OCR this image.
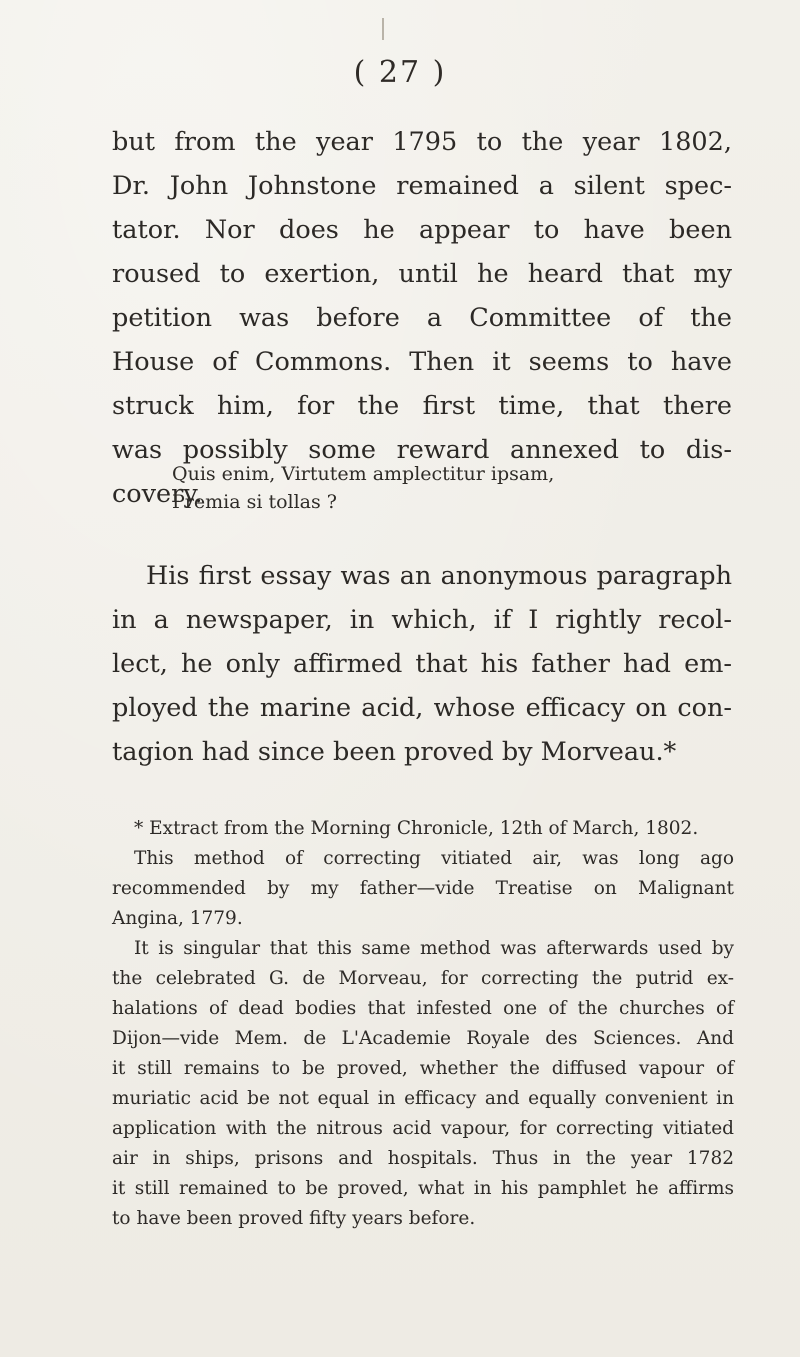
( 27 )
but from the year 1795 to the year 1802,
Dr. John Johnstone remained a silent spec-
tator. Nor does he appear to have been
roused to exertion, until he heard that my
petition was before a Committee of the
House of Commons. Then it seems to have
struck him, for the first time, that there
was possibly some reward annexed to dis-
covery.
Quis enim, Virtutem amplectitur ipsam,
Premia si tollas ?
His first essay was an anonymous paragraph
in a newspaper, in which, if I rightly recol-
lect, he only affirmed that his father had em-
ployed the marine acid, whose efficacy on con-
tagion had since been proved by Morveau.*
* Extract from the Morning Chronicle, 12th of March, 1802.
This method of correcting vitiated air, was long ago
recommended by my father—vide Treatise on Malignant
Angina, 1779.
It is singular that this same method was afterwards used by
the celebrated G. de Morveau, for correcting the putrid ex-
halations of dead bodies that infested one of the churches of
Dijon—vide Mem. de L'Academie Royale des Sciences. And
it still remains to be proved, whether the diffused vapour of
muriatic acid be not equal in efficacy and equally convenient in
application with the nitrous acid vapour, for correcting vitiated
air in ships, prisons and hospitals. Thus in the year 1782
it still remained to be proved, what in his pamphlet he affirms
to have been proved fifty years before.
